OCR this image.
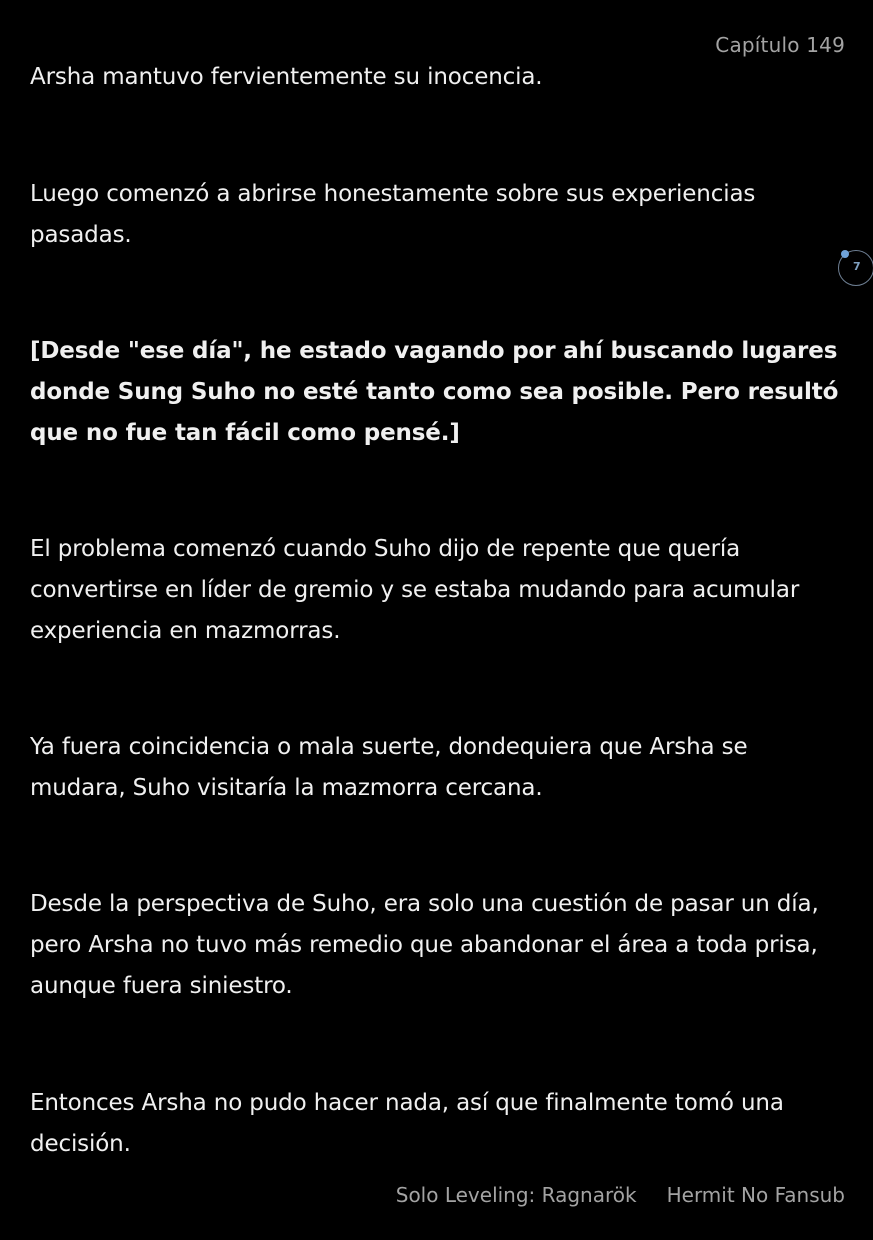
Capítulo 149

Arsha mantuvo fervientemente su inocencia.

Luego comenzó a abrirse honestamente sobre sus experiencias pasadas.

[Desde "ese día", he estado vagando por ahí buscando lugares donde Sung Suho no esté tanto como sea posible. Pero resultó que no fue tan fácil como pensé.]

El problema comenzó cuando Suho dijo de repente que quería convertirse en líder de gremio y se estaba mudando para acumular experiencia en mazmorras.

Ya fuera coincidencia o mala suerte, dondequiera que Arsha se mudara, Suho visitaría la mazmorra cercana.

Desde la perspectiva de Suho, era solo una cuestión de pasar un día, pero Arsha no tuvo más remedio que abandonar el área a toda prisa, aunque fuera siniestro.

Entonces Arsha no pudo hacer nada, así que finalmente tomó una decisión.

7
Solo Leveling: Ragnarök Hermit No Fansub
